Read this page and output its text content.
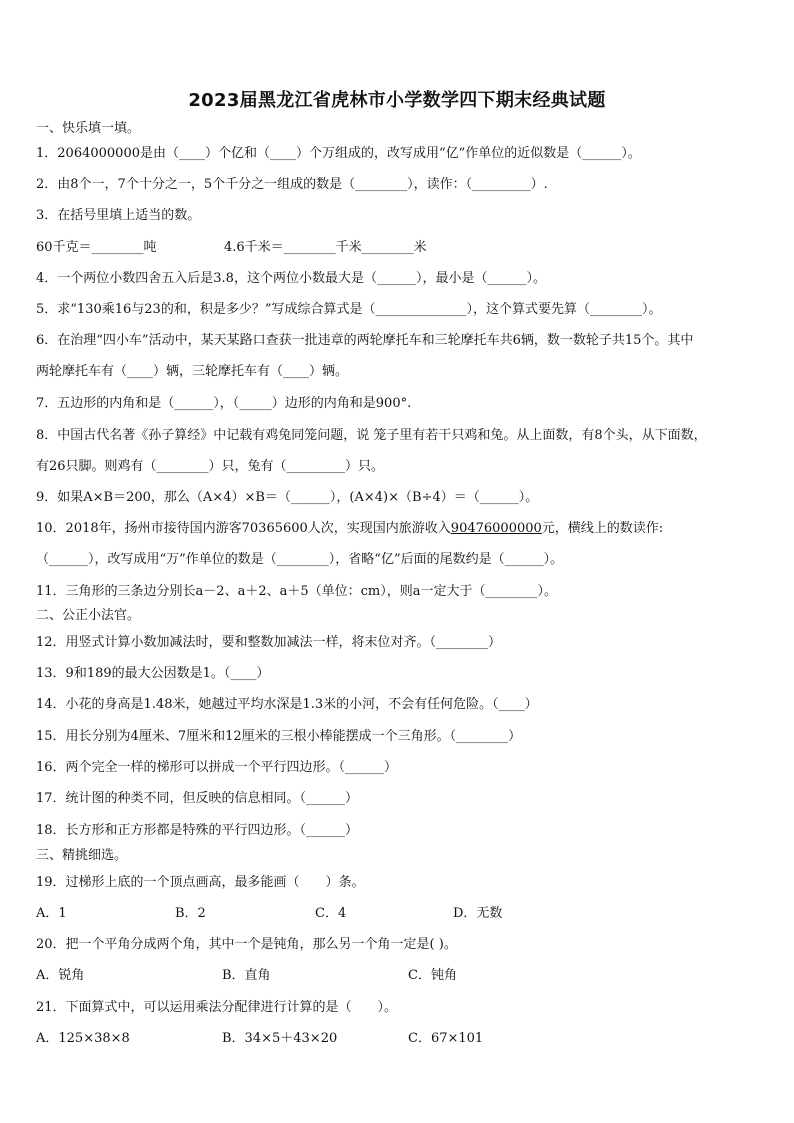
2023届黑龙江省虎林市小学数学四下期末经典试题
一、快乐填一填。
1．2064000000是由（____）个亿和（____）个万组成的，改写成用“亿”作单位的近似数是（______）。
2．由8个一，7个十分之一，5个千分之一组成的数是（________），读作：（_________）.
3．在括号里填上适当的数。
60千克＝________吨	4.6千米＝________千米________米
4．一个两位小数四舍五入后是3.8，这个两位小数最大是（______），最小是（______）。
5．求“130乘16与23的和，积是多少？”写成综合算式是（______________），这个算式要先算（________）。
6．在治理“四小车”活动中，某天某路口查获一批违章的两轮摩托车和三轮摩托车共6辆，数一数轮子共15个。其中
两轮摩托车有（____）辆，三轮摩托车有（____）辆。
7．五边形的内角和是（______），（_____）边形的内角和是900°.
8．中国古代名著《孙子算经》中记载有鸡兔同笼问题，说 笼子里有若干只鸡和兔。从上面数，有8个头，从下面数，
有26只脚。则鸡有（________）只，兔有（_________）只。
9．如果A×B＝200，那么（A×4）×B＝（______），(A×4)×（B÷4）＝（______）。
10．2018年，扬州市接待国内游客70365600人次，实现国内旅游收入90476000000元，横线上的数读作:
（______），改写成用“万”作单位的数是（________），省略“亿”后面的尾数约是（______）。
11．三角形的三条边分别长a－2、a＋2、a＋5（单位：cm），则a一定大于（________）。
二、公正小法官。
12．用竖式计算小数加减法时，要和整数加减法一样，将末位对齐。（________）
13．9和189的最大公因数是1。（____）
14．小花的身高是1.48米，她越过平均水深是1.3米的小河，不会有任何危险。（____）
15．用长分别为4厘米、7厘米和12厘米的三根小棒能摆成一个三角形。（________）
16．两个完全一样的梯形可以拼成一个平行四边形。（______）
17．统计图的种类不同，但反映的信息相同。（______）
18．长方形和正方形都是特殊的平行四边形。（______）
三、精挑细选。
19．过梯形上底的一个顶点画高，最多能画（　　）条。
A．1	B．2	C．4	D．无数
20．把一个平角分成两个角，其中一个是钝角，那么另一个角一定是( )。
A．锐角	B．直角	C．钝角
21．下面算式中，可以运用乘法分配律进行计算的是（　　）。
A．125×38×8	B．34×5＋43×20	C．67×101
